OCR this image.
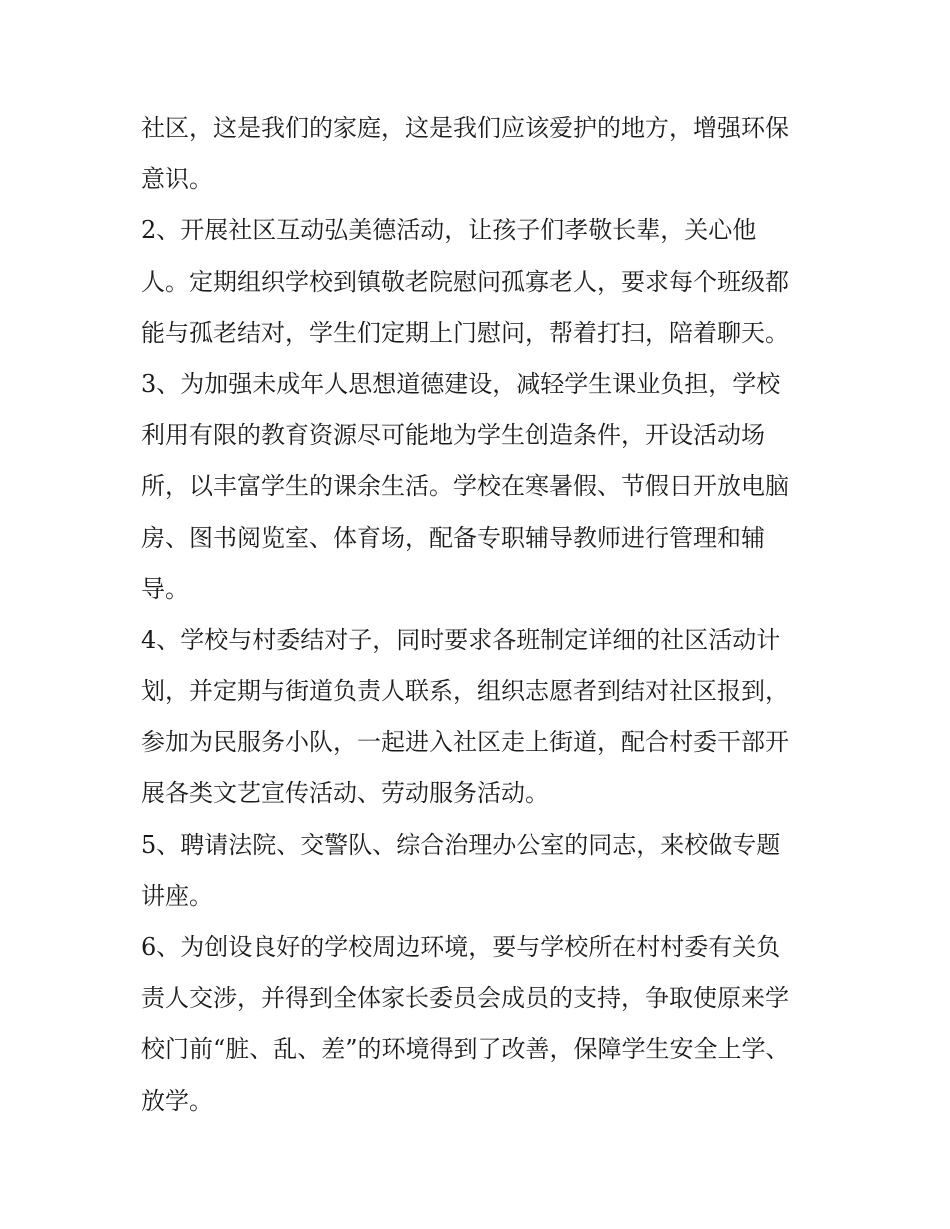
社区，这是我们的家庭，这是我们应该爱护的地方，增强环保
意识。
2、开展社区互动弘美德活动，让孩子们孝敬长辈，关心他
人。定期组织学校到镇敬老院慰问孤寡老人，要求每个班级都
能与孤老结对，学生们定期上门慰问，帮着打扫，陪着聊天。
3、为加强未成年人思想道德建设，减轻学生课业负担，学校
利用有限的教育资源尽可能地为学生创造条件，开设活动场
所，以丰富学生的课余生活。学校在寒暑假、节假日开放电脑
房、图书阅览室、体育场，配备专职辅导教师进行管理和辅
导。
4、学校与村委结对子，同时要求各班制定详细的社区活动计
划，并定期与街道负责人联系，组织志愿者到结对社区报到，
参加为民服务小队，一起进入社区走上街道，配合村委干部开
展各类文艺宣传活动、劳动服务活动。
5、聘请法院、交警队、综合治理办公室的同志，来校做专题
讲座。
6、为创设良好的学校周边环境，要与学校所在村村委有关负
责人交涉，并得到全体家长委员会成员的支持，争取使原来学
校门前“脏、乱、差”的环境得到了改善，保障学生安全上学、
放学。
